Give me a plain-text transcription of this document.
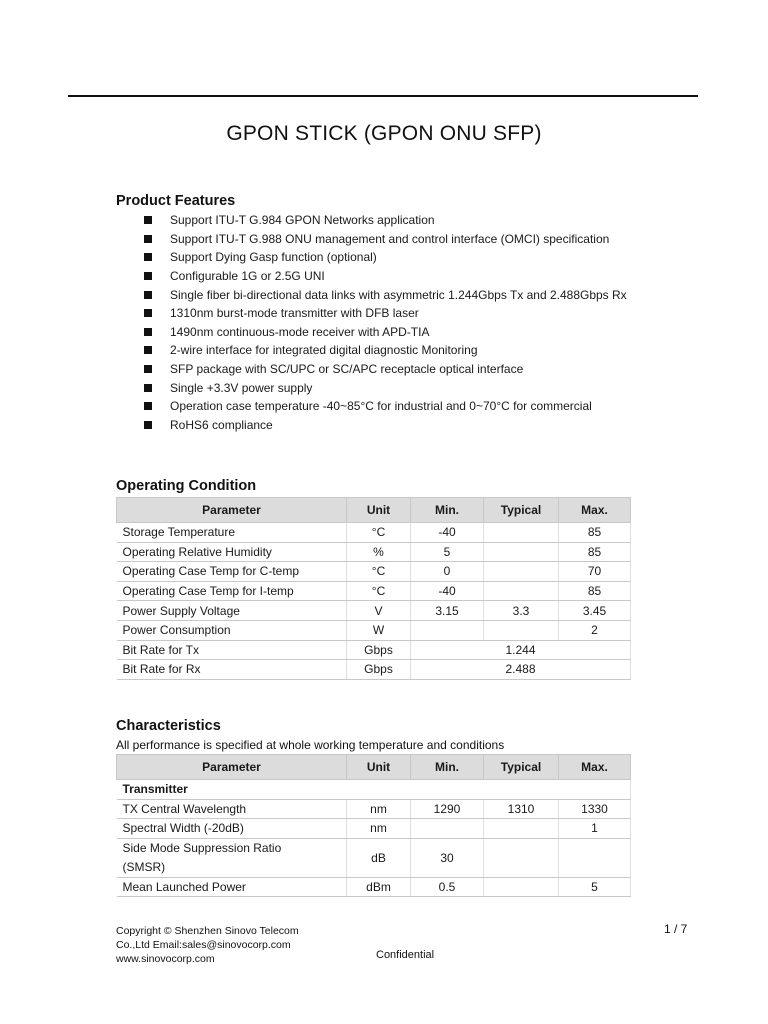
GPON STICK (GPON ONU SFP)
Product Features
Support ITU-T G.984 GPON Networks application
Support ITU-T G.988 ONU management and control interface (OMCI) specification
Support Dying Gasp function (optional)
Configurable 1G or 2.5G UNI
Single fiber bi-directional data links with asymmetric 1.244Gbps Tx and 2.488Gbps Rx
1310nm burst-mode transmitter with DFB laser
1490nm continuous-mode receiver with APD-TIA
2-wire interface for integrated digital diagnostic Monitoring
SFP package with SC/UPC or SC/APC receptacle optical interface
Single +3.3V power supply
Operation case temperature -40~85°C for industrial and 0~70°C for commercial
RoHS6 compliance
Operating Condition
Parameter	Unit	Min.	Typical	Max.
Storage Temperature	°C	-40		85
Operating Relative Humidity	%	5		85
Operating Case Temp for C-temp	°C	0		70
Operating Case Temp for I-temp	°C	-40		85
Power Supply Voltage	V	3.15	3.3	3.45
Power Consumption	W			2
Bit Rate for Tx	Gbps	1.244		
Bit Rate for Rx	Gbps	2.488		
Characteristics
All performance is specified at whole working temperature and conditions
Parameter	Unit	Min.	Typical	Max.
Transmitter				
TX Central Wavelength	nm	1290	1310	1330
Spectral Width (-20dB)	nm			1

Side Mode Suppression Ratio
(SMSR)	dB	30		
Mean Launched Power	dBm	0.5		5
Copyright © Shenzhen Sinovo Telecom
Co.,Ltd Email:sales@sinovocorp.com
www.sinovocorp.com	Confidential
1 / 7
